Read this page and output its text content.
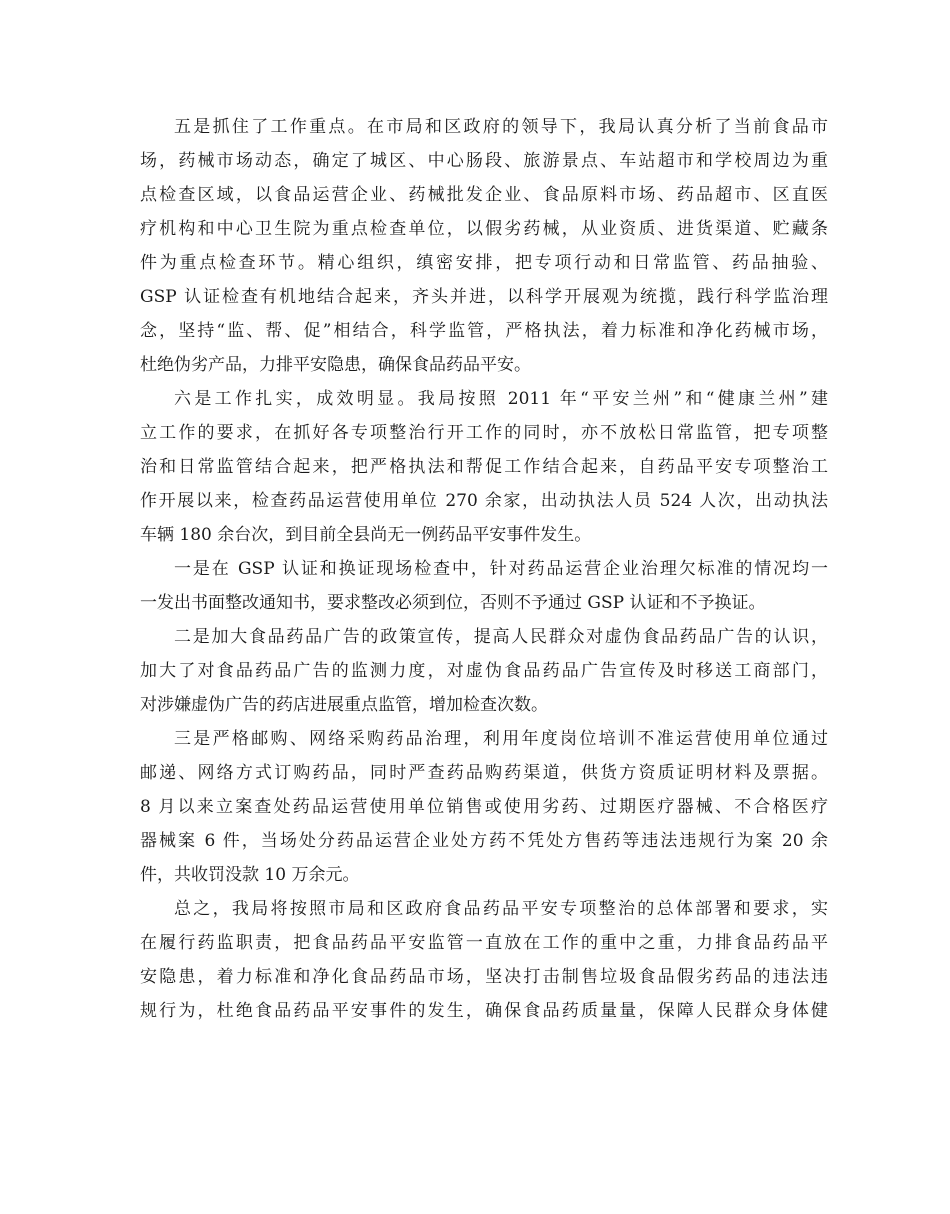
五是抓住了工作重点。在市局和区政府的领导下，我局认真分析了当前食品市
场，药械市场动态，确定了城区、中心肠段、旅游景点、车站超市和学校周边为重
点检查区域，以食品运营企业、药械批发企业、食品原料市场、药品超市、区直医
疗机构和中心卫生院为重点检查单位，以假劣药械，从业资质、进货渠道、贮藏条
件为重点检查环节。精心组织，缜密安排，把专项行动和日常监管、药品抽验、
GSP 认证检查有机地结合起来，齐头并进，以科学开展观为统揽，践行科学监治理
念，坚持“监、帮、促”相结合，科学监管，严格执法，着力标准和净化药械市场，
杜绝伪劣产品，力排平安隐患，确保食品药品平安。
六是工作扎实，成效明显。我局按照 2011 年“平安兰州”和“健康兰州”建
立工作的要求，在抓好各专项整治行开工作的同时，亦不放松日常监管，把专项整
治和日常监管结合起来，把严格执法和帮促工作结合起来，自药品平安专项整治工
作开展以来，检查药品运营使用单位 270 余家，出动执法人员 524 人次，出动执法
车辆 180 余台次，到目前全县尚无一例药品平安事件发生。
一是在 GSP 认证和换证现场检查中，针对药品运营企业治理欠标准的情况均一
一发出书面整改通知书，要求整改必须到位，否则不予通过 GSP 认证和不予换证。
二是加大食品药品广告的政策宣传，提高人民群众对虚伪食品药品广告的认识，
加大了对食品药品广告的监测力度，对虚伪食品药品广告宣传及时移送工商部门，
对涉嫌虚伪广告的药店进展重点监管，增加检查次数。
三是严格邮购、网络采购药品治理，利用年度岗位培训不准运营使用单位通过
邮递、网络方式订购药品，同时严查药品购药渠道，供货方资质证明材料及票据。
8 月以来立案查处药品运营使用单位销售或使用劣药、过期医疗器械、不合格医疗
器械案 6 件，当场处分药品运营企业处方药不凭处方售药等违法违规行为案 20 余
件，共收罚没款 10 万余元。
总之，我局将按照市局和区政府食品药品平安专项整治的总体部署和要求，实
在履行药监职责，把食品药品平安监管一直放在工作的重中之重，力排食品药品平
安隐患，着力标准和净化食品药品市场，坚决打击制售垃圾食品假劣药品的违法违
规行为，杜绝食品药品平安事件的发生，确保食品药质量量，保障人民群众身体健
